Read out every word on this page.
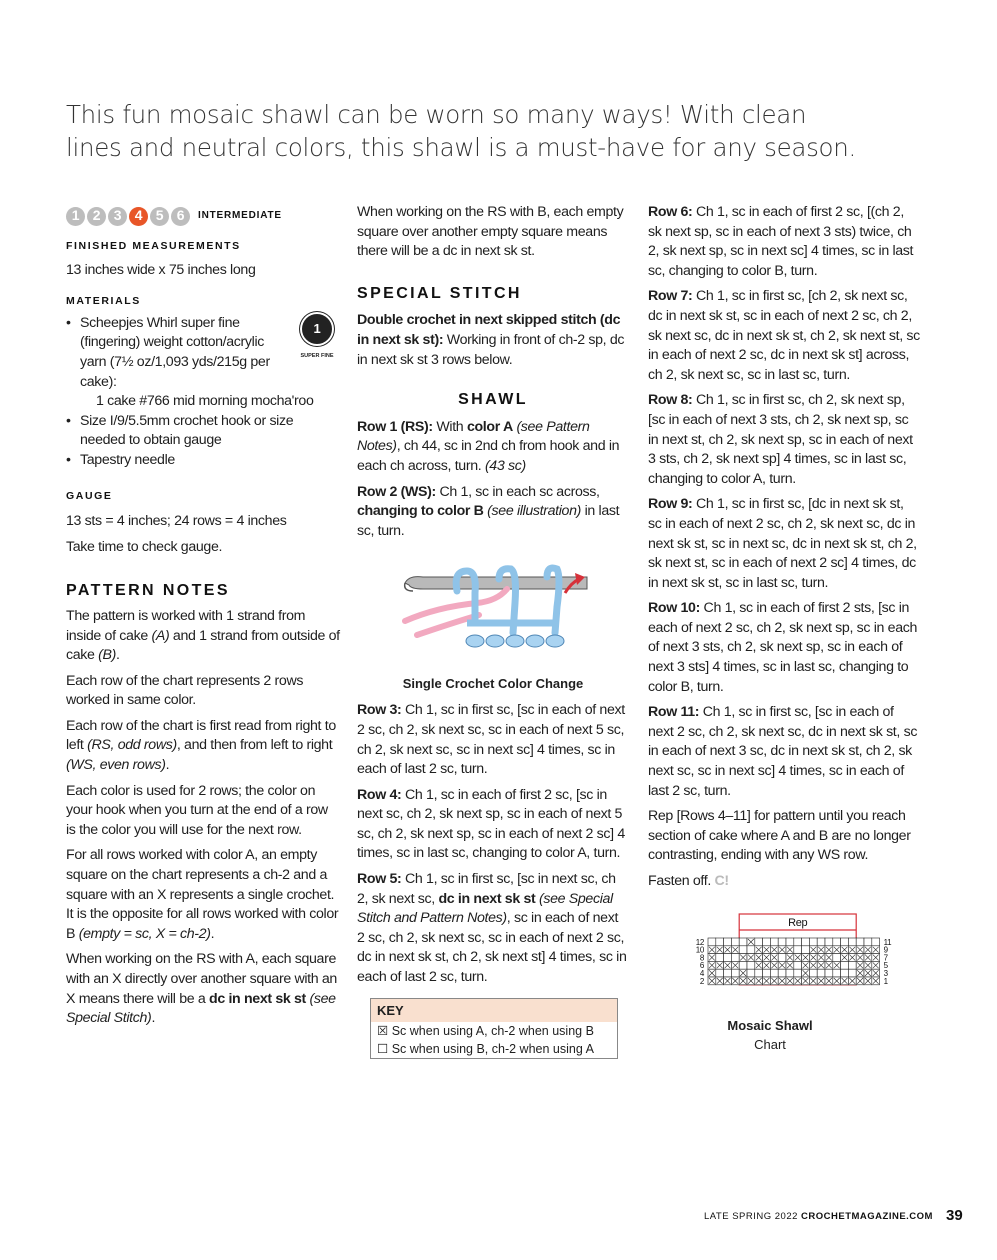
This fun mosaic shawl can be worn so many ways! With clean lines and neutral colors, this shawl is a must-have for any season.
1 2 3 4 5 6	INTERMEDIATE
FINISHED MEASUREMENTS

13 inches wide x 75 inches long

MATERIALS
1
SUPER FINE
• Scheepjes Whirl super fine (fingering) weight cotton/acrylic yarn (7½ oz/1,093 yds/215g per cake):
1 cake #766 mid morning mocha'roo
• Size I/9/5.5mm crochet hook or size needed to obtain gauge
• Tapestry needle
GAUGE

13 sts = 4 inches; 24 rows = 4 inches

Take time to check gauge.

PATTERN NOTES

The pattern is worked with 1 strand from inside of cake (A) and 1 strand from outside of cake (B).

Each row of the chart represents 2 rows worked in same color.

Each row of the chart is first read from right to left (RS, odd rows), and then from left to right (WS, even rows).

Each color is used for 2 rows; the color on your hook when you turn at the end of a row is the color you will use for the next row.

For all rows worked with color A, an empty square on the chart represents a ch-2 and a square with an X represents a single crochet. It is the opposite for all rows worked with color B (empty = sc, X = ch-2).

When working on the RS with A, each square with an X directly over another square with an X means there will be a dc in next sk st (see Special Stitch).

When working on the RS with B, each empty square over another empty square means there will be a dc in next sk st.

SPECIAL STITCH

Double crochet in next skipped stitch (dc in next sk st): Working in front of ch-2 sp, dc in next sk st 3 rows below.

SHAWL

Row 1 (RS): With color A (see Pattern Notes), ch 44, sc in 2nd ch from hook and in each ch across, turn. (43 sc)

Row 2 (WS): Ch 1, sc in each sc across, changing to color B (see illustration) in last sc, turn.

Single Crochet Color Change

Row 3: Ch 1, sc in first sc, [sc in each of next 2 sc, ch 2, sk next sc, sc in each of next 5 sc, ch 2, sk next sc, sc in next sc] 4 times, sc in each of last 2 sc, turn.

Row 4: Ch 1, sc in each of first 2 sc, [sc in next sc, ch 2, sk next sp, sc in each of next 5 sc, ch 2, sk next sp, sc in each of next 2 sc] 4 times, sc in last sc, changing to color A, turn.

Row 5: Ch 1, sc in first sc, [sc in next sc, ch 2, sk next sc, dc in next sk st (see Special Stitch and Pattern Notes), sc in each of next 2 sc, ch 2, sk next sc, sc in each of next 2 sc, dc in next sk st, ch 2, sk next st] 4 times, sc in each of last 2 sc, turn.

KEY
☒ Sc when using A, ch-2 when using B
☐ Sc when using B, ch-2 when using A

Row 6: Ch 1, sc in each of first 2 sc, [(ch 2, sk next sp, sc in each of next 3 sts) twice, ch 2, sk next sp, sc in next sc] 4 times, sc in last sc, changing to color B, turn.

Row 7: Ch 1, sc in first sc, [ch 2, sk next sc, dc in next sk st, sc in each of next 2 sc, ch 2, sk next sc, dc in next sk st, ch 2, sk next st, sc in each of next 2 sc, dc in next sk st] across, ch 2, sk next sc, sc in last sc, turn.

Row 8: Ch 1, sc in first sc, ch 2, sk next sp, [sc in each of next 3 sts, ch 2, sk next sp, sc in next st, ch 2, sk next sp, sc in each of next 3 sts, ch 2, sk next sp] 4 times, sc in last sc, changing to color A, turn.

Row 9: Ch 1, sc in first sc, [dc in next sk st, sc in each of next 2 sc, ch 2, sk next sc, dc in next sk st, sc in next sc, dc in next sk st, ch 2, sk next st, sc in each of next 2 sc] 4 times, dc in next sk st, sc in last sc, turn.

Row 10: Ch 1, sc in each of first 2 sts, [sc in each of next 2 sc, ch 2, sk next sp, sc in each of next 3 sts, ch 2, sk next sp, sc in each of next 3 sts] 4 times, sc in last sc, changing to color B, turn.

Row 11: Ch 1, sc in first sc, [sc in each of next 2 sc, ch 2, sk next sc, dc in next sk st, sc in each of next 3 sc, dc in next sk st, ch 2, sk next sc, sc in next sc] 4 times, sc in each of last 2 sc, turn.

Rep [Rows 4–11] for pattern until you reach section of cake where A and B are no longer contrasting, ending with any WS row.

Fasten off. C!

Rep
12	11
10	9
8	7
6	5
4	3
2	1
Mosaic Shawl
Chart
LATE SPRING 2022 CROCHETMAGAZINE.COM 39
